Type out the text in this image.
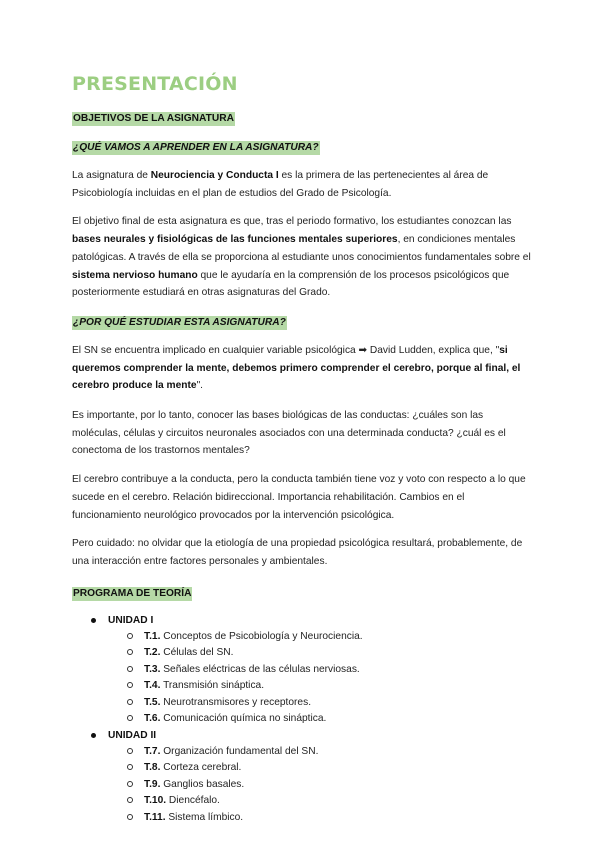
PRESENTACIÓN
OBJETIVOS DE LA ASIGNATURA
¿QUÉ VAMOS A APRENDER EN LA ASIGNATURA?

La asignatura de Neurociencia y Conducta I es la primera de las pertenecientes al área de Psicobiología incluidas en el plan de estudios del Grado de Psicología.

El objetivo final de esta asignatura es que, tras el periodo formativo, los estudiantes conozcan las bases neurales y fisiológicas de las funciones mentales superiores, en condiciones mentales patológicas. A través de ella se proporciona al estudiante unos conocimientos fundamentales sobre el sistema nervioso humano que le ayudaría en la comprensión de los procesos psicológicos que posteriormente estudiará en otras asignaturas del Grado.

¿POR QUÉ ESTUDIAR ESTA ASIGNATURA?

El SN se encuentra implicado en cualquier variable psicológica ➡ David Ludden, explica que, "si queremos comprender la mente, debemos primero comprender el cerebro, porque al final, el cerebro produce la mente".

Es importante, por lo tanto, conocer las bases biológicas de las conductas: ¿cuáles son las moléculas, células y circuitos neuronales asociados con una determinada conducta? ¿cuál es el conectoma de los trastornos mentales?

El cerebro contribuye a la conducta, pero la conducta también tiene voz y voto con respecto a lo que sucede en el cerebro. Relación bidireccional. Importancia rehabilitación. Cambios en el funcionamiento neurológico provocados por la intervención psicológica.

Pero cuidado: no olvidar que la etiología de una propiedad psicológica resultará, probablemente, de una interacción entre factores personales y ambientales.

PROGRAMA DE TEORÍA
UNIDAD I
T.1. Conceptos de Psicobiología y Neurociencia.
T.2. Células del SN.
T.3. Señales eléctricas de las células nerviosas.
T.4. Transmisión sináptica.
T.5. Neurotransmisores y receptores.
T.6. Comunicación química no sináptica.
UNIDAD II
T.7. Organización fundamental del SN.
T.8. Corteza cerebral.
T.9. Ganglios basales.
T.10. Diencéfalo.
T.11. Sistema límbico.
